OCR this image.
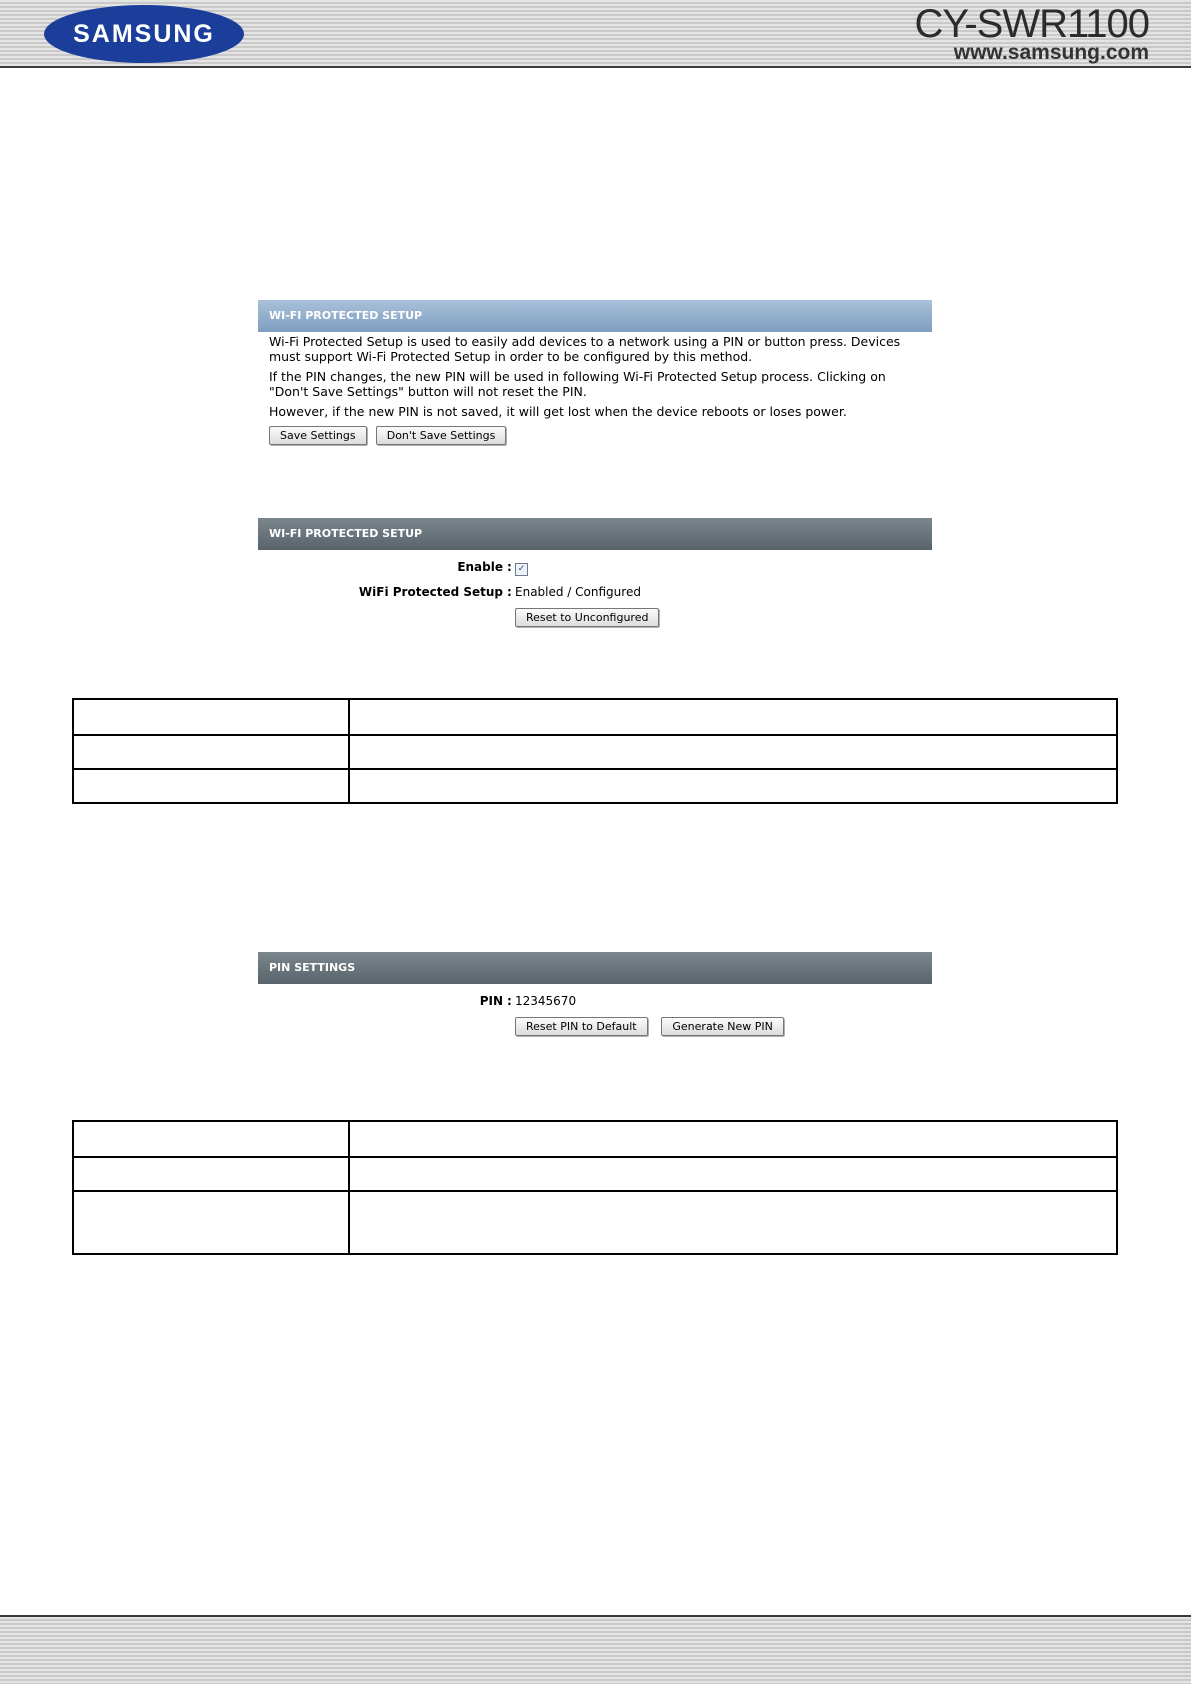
SAMSUNG	CY-SWR1100
www.samsung.com
WI-FI PROTECTED SETUP

Wi-Fi Protected Setup is used to easily add devices to a network using a PIN or button press. Devices must support Wi-Fi Protected Setup in order to be configured by this method.

If the PIN changes, the new PIN will be used in following Wi-Fi Protected Setup process. Clicking on "Don't Save Settings" button will not reset the PIN.

However, if the new PIN is not saved, it will get lost when the device reboots or loses power.

Save Settings	Don't Save Settings
WI-FI PROTECTED SETUP
Enable : ✓
WiFi Protected Setup : Enabled / Configured
Reset to Unconfigured

PIN SETTINGS
PIN : 12345670
Reset PIN to Default	Generate New PIN
